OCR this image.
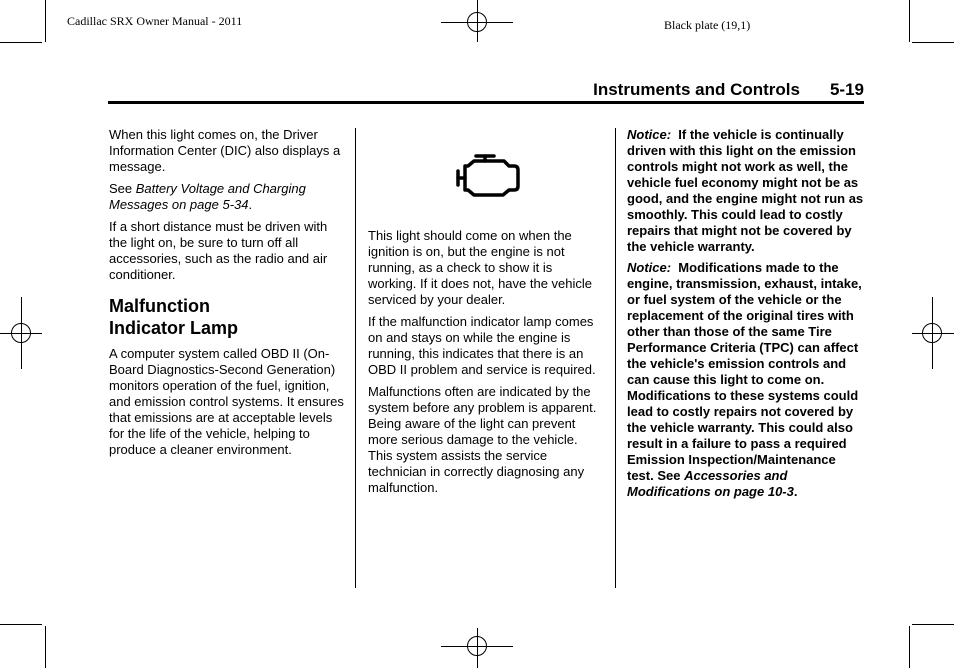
Cadillac SRX Owner Manual - 2011	Black plate (19,1)
Instruments and Controls 5-19

When this light comes on, the Driver Information Center (DIC) also displays a message.

See Battery Voltage and Charging Messages on page 5-34.

If a short distance must be driven with the light on, be sure to turn off all accessories, such as the radio and air conditioner.

Malfunction
Indicator Lamp

A computer system called OBD II (On-Board Diagnostics-Second Generation) monitors operation of the fuel, ignition, and emission control systems. It ensures that emissions are at acceptable levels for the life of the vehicle, helping to produce a cleaner environment.

This light should come on when the ignition is on, but the engine is not running, as a check to show it is working. If it does not, have the vehicle serviced by your dealer.

If the malfunction indicator lamp comes on and stays on while the engine is running, this indicates that there is an OBD II problem and service is required.

Malfunctions often are indicated by the system before any problem is apparent. Being aware of the light can prevent more serious damage to the vehicle. This system assists the service technician in correctly diagnosing any malfunction.

Notice: If the vehicle is continually driven with this light on the emission controls might not work as well, the vehicle fuel economy might not be as good, and the engine might not run as smoothly. This could lead to costly repairs that might not be covered by the vehicle warranty.

Notice: Modifications made to the engine, transmission, exhaust, intake, or fuel system of the vehicle or the replacement of the original tires with other than those of the same Tire Performance Criteria (TPC) can affect the vehicle's emission controls and can cause this light to come on. Modifications to these systems could lead to costly repairs not covered by the vehicle warranty. This could also result in a failure to pass a required Emission Inspection/Maintenance test. See Accessories and Modifications on page 10-3.
